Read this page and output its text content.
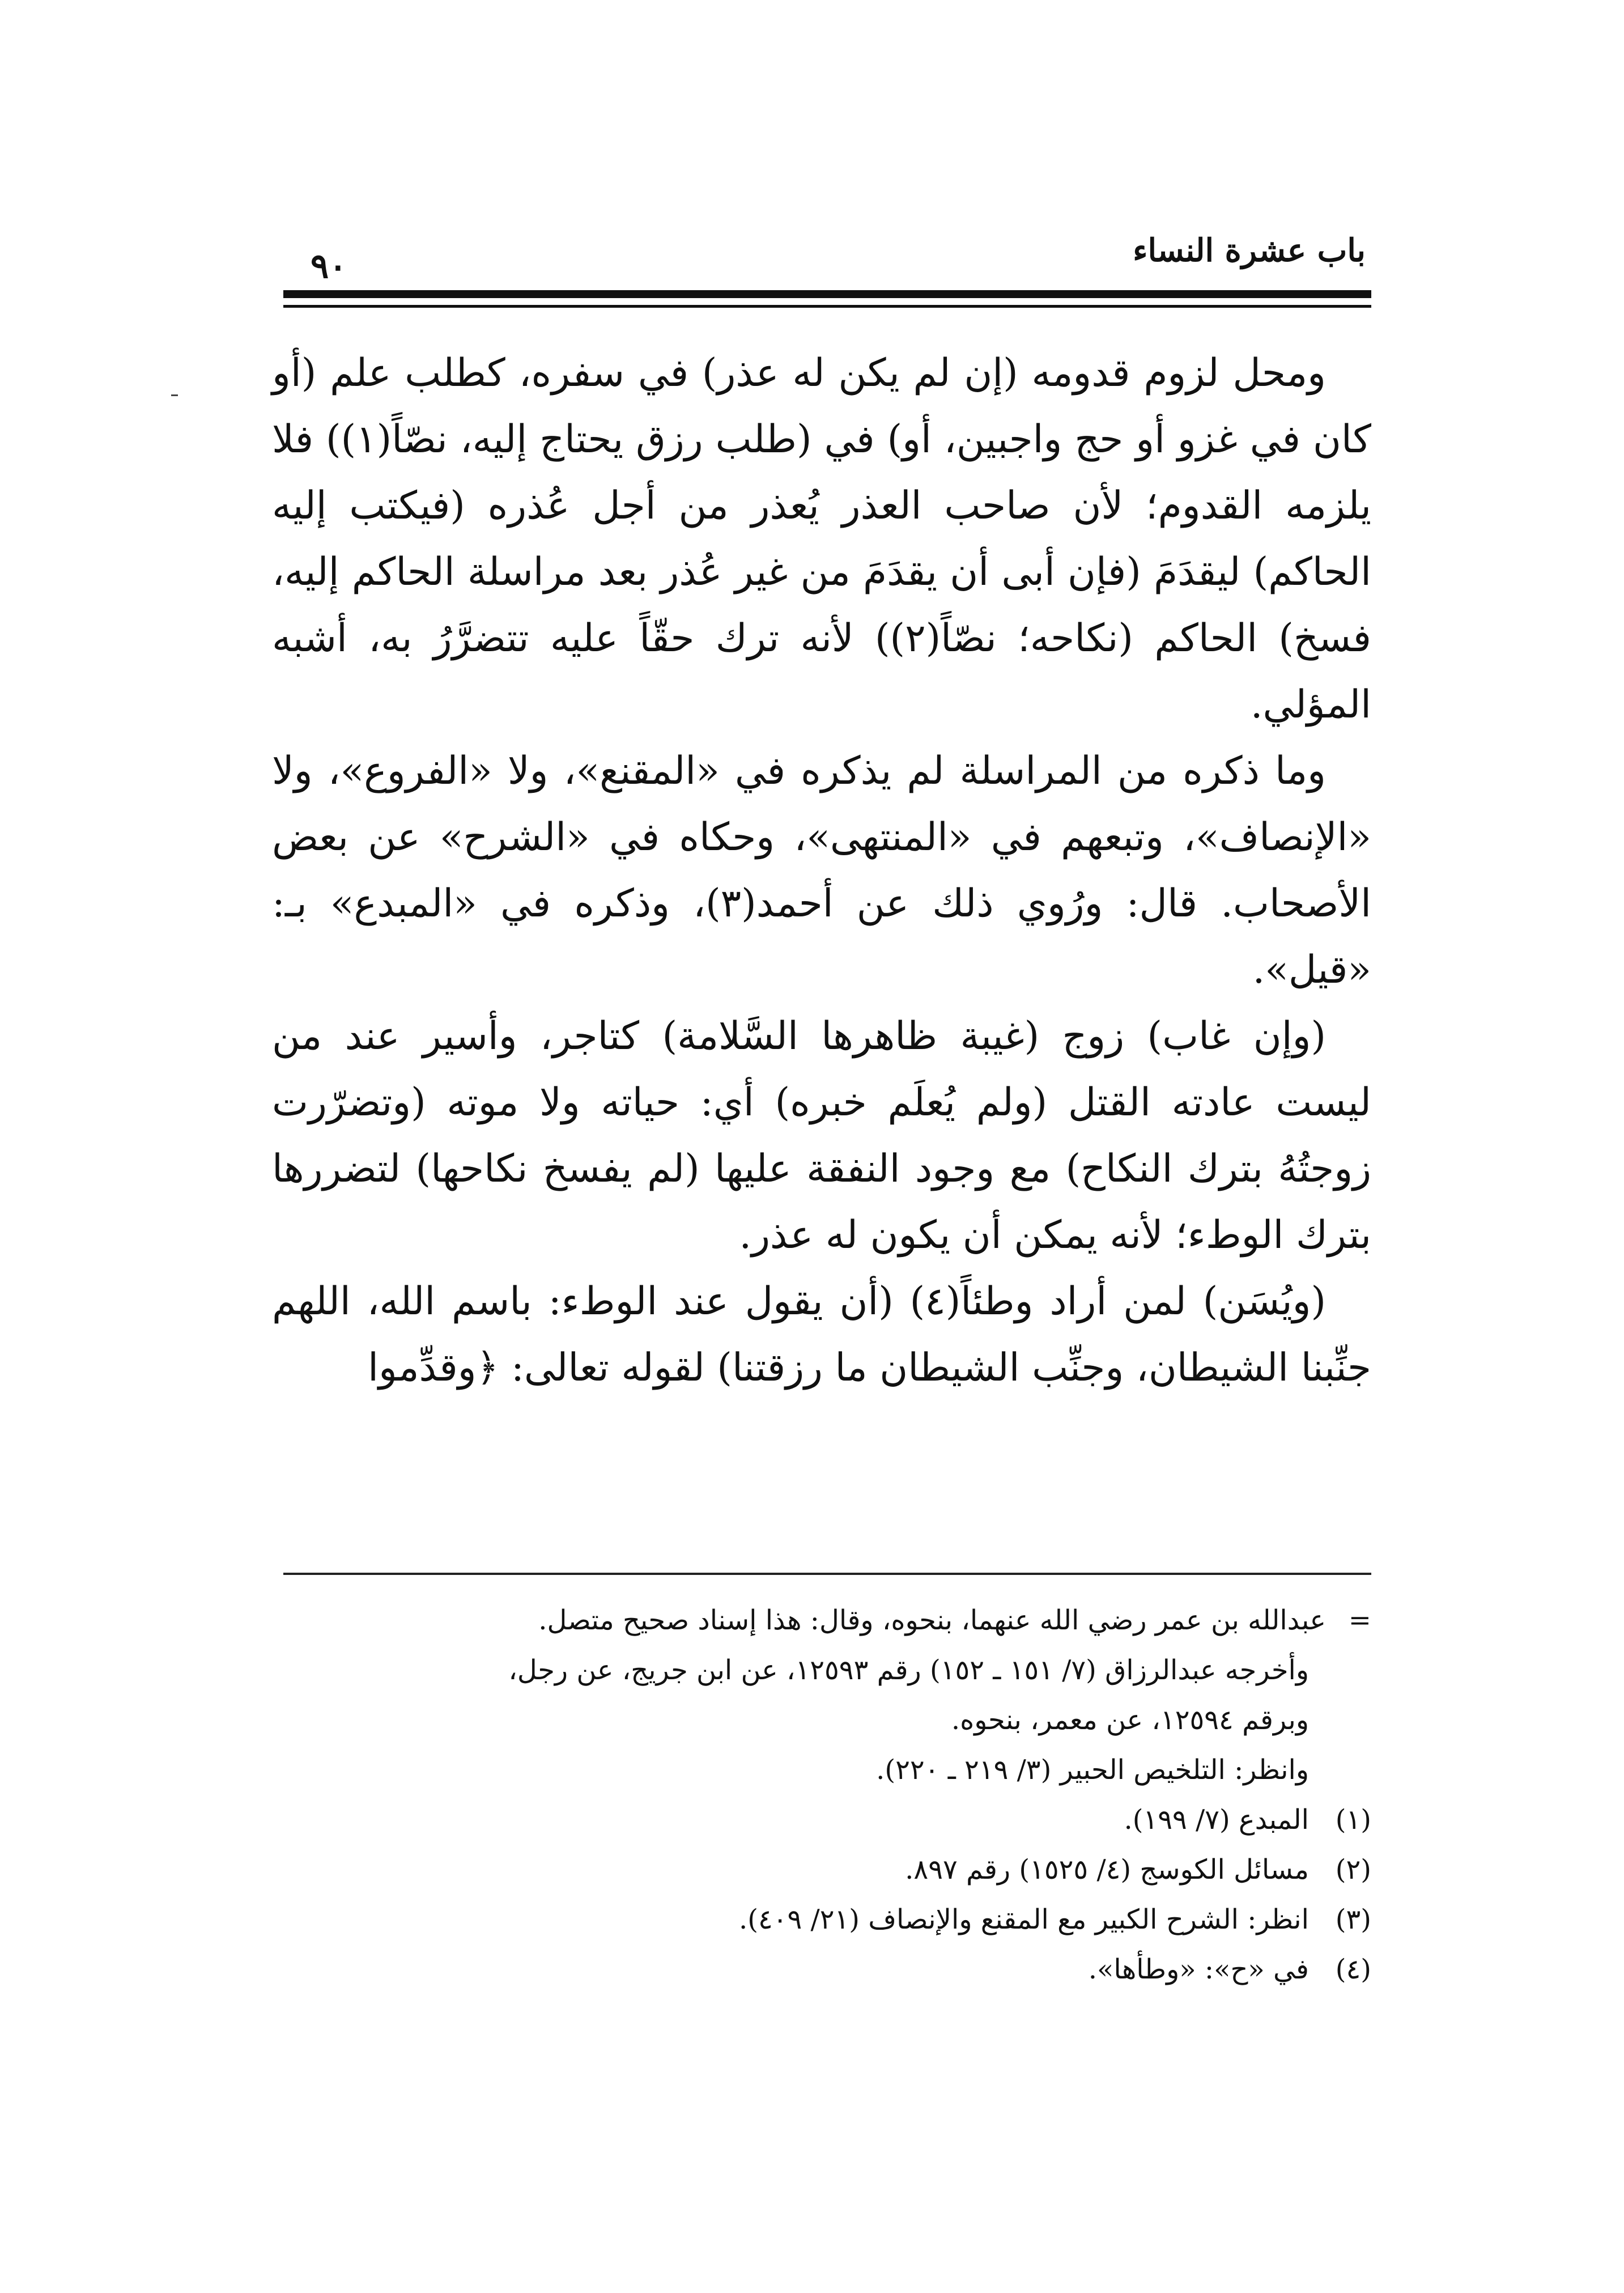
باب عشرة النساء
٩٠

ومحل لزوم قدومه (إن لم يكن له عذر) في سفره، كطلب علم (أو كان في غزو أو حج واجبين، أو) في (طلب رزق يحتاج إليه، نصّاً(١)) فلا يلزمه القدوم؛ لأن صاحب العذر يُعذر من أجل عُذره (فيكتب إليه الحاكم) ليقدَمَ (فإن أبى أن يقدَمَ من غير عُذر بعد مراسلة الحاكم إليه، فسخ) الحاكم (نكاحه؛ نصّاً(٢)) لأنه ترك حقّاً عليه تتضرَّرُ به، أشبه المؤلي.

وما ذكره من المراسلة لم يذكره في «المقنع»، ولا «الفروع»، ولا «الإنصاف»، وتبعهم في «المنتهى»، وحكاه في «الشرح» عن بعض الأصحاب. قال: ورُوي ذلك عن أحمد(٣)، وذكره في «المبدع» بـ: «قيل».

(وإن غاب) زوج (غيبة ظاهرها السَّلامة) كتاجر، وأسير عند من ليست عادته القتل (ولم يُعلَم خبره) أي: حياته ولا موته (وتضرّرت زوجتُهُ بترك النكاح) مع وجود النفقة عليها (لم يفسخ نكاحها) لتضررها بترك الوطء؛ لأنه يمكن أن يكون له عذر.

(ويُسَن) لمن أراد وطئاً(٤) (أن يقول عند الوطء: باسم الله، اللهم جنِّبنا الشيطان، وجنِّب الشيطان ما رزقتنا) لقوله تعالى: ﴿وقدِّموا

=عبدالله بن عمر رضي الله عنهما، بنحوه، وقال: هذا إسناد صحيح متصل.

وأخرجه عبدالرزاق (٧/ ١٥١ ـ ١٥٢) رقم ١٢٥٩٣، عن ابن جريج، عن رجل،

وبرقم ١٢٥٩٤، عن معمر، بنحوه.

وانظر: التلخيص الحبير (٣/ ٢١٩ ـ ٢٢٠).

(١)المبدع (٧/ ١٩٩).

(٢)مسائل الكوسج (٤/ ١٥٢٥) رقم ٨٩٧.

(٣)انظر: الشرح الكبير مع المقنع والإنصاف (٢١/ ٤٠٩).

(٤)في «ح»: «وطأها».
